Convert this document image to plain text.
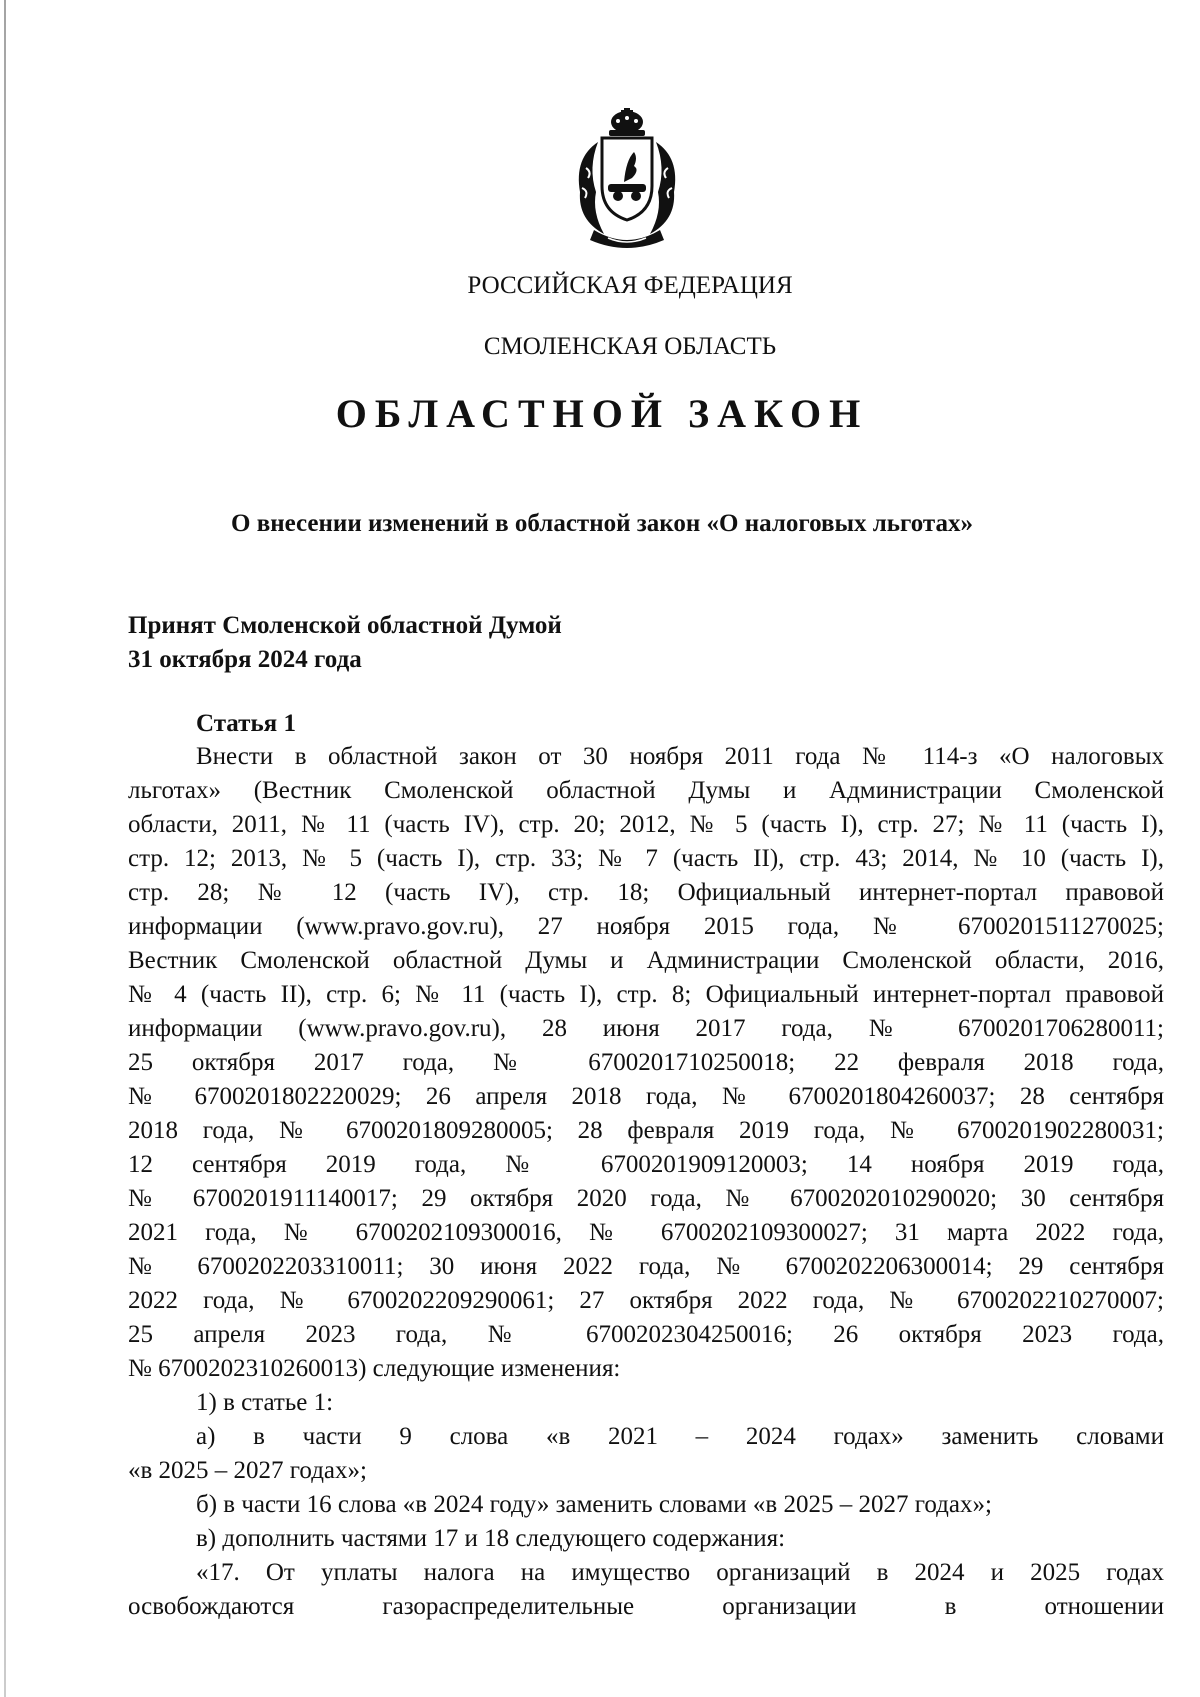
РОССИЙСКАЯ ФЕДЕРАЦИЯ
СМОЛЕНСКАЯ ОБЛАСТЬ
ОБЛАСТНОЙ ЗАКОН
О внесении изменений в областной закон «О налоговых льготах»
Принят Смоленской областной Думой
31 октября 2024 года
Статья 1
Внести в областной закон от 30 ноября 2011 года № 114-з «О налоговых
льготах» (Вестник Смоленской областной Думы и Администрации Смоленской
области, 2011, № 11 (часть IV), стр. 20; 2012, № 5 (часть I), стр. 27; № 11 (часть I),
стр. 12; 2013, № 5 (часть I), стр. 33; № 7 (часть II), стр. 43; 2014, № 10 (часть I),
стр. 28; № 12 (часть IV), стр. 18; Официальный интернет-портал правовой
информации (www.pravo.gov.ru), 27 ноября 2015 года, № 6700201511270025;
Вестник Смоленской областной Думы и Администрации Смоленской области, 2016,
№ 4 (часть II), стр. 6; № 11 (часть I), стр. 8; Официальный интернет-портал правовой
информации (www.pravo.gov.ru), 28 июня 2017 года, № 6700201706280011;
25 октября 2017 года, № 6700201710250018; 22 февраля 2018 года,
№ 6700201802220029; 26 апреля 2018 года, № 6700201804260037; 28 сентября
2018 года, № 6700201809280005; 28 февраля 2019 года, № 6700201902280031;
12 сентября 2019 года, № 6700201909120003; 14 ноября 2019 года,
№ 6700201911140017; 29 октября 2020 года, № 6700202010290020; 30 сентября
2021 года, № 6700202109300016, № 6700202109300027; 31 марта 2022 года,
№ 6700202203310011; 30 июня 2022 года, № 6700202206300014; 29 сентября
2022 года, № 6700202209290061; 27 октября 2022 года, № 6700202210270007;
25 апреля 2023 года, № 6700202304250016; 26 октября 2023 года,
№ 6700202310260013) следующие изменения:
1) в статье 1:
а) в части 9 слова «в 2021 – 2024 годах» заменить словами
«в 2025 – 2027 годах»;
б) в части 16 слова «в 2024 году» заменить словами «в 2025 – 2027 годах»;
в) дополнить частями 17 и 18 следующего содержания:
«17. От уплаты налога на имущество организаций в 2024 и 2025 годах
освобождаются газораспределительные организации в отношении
